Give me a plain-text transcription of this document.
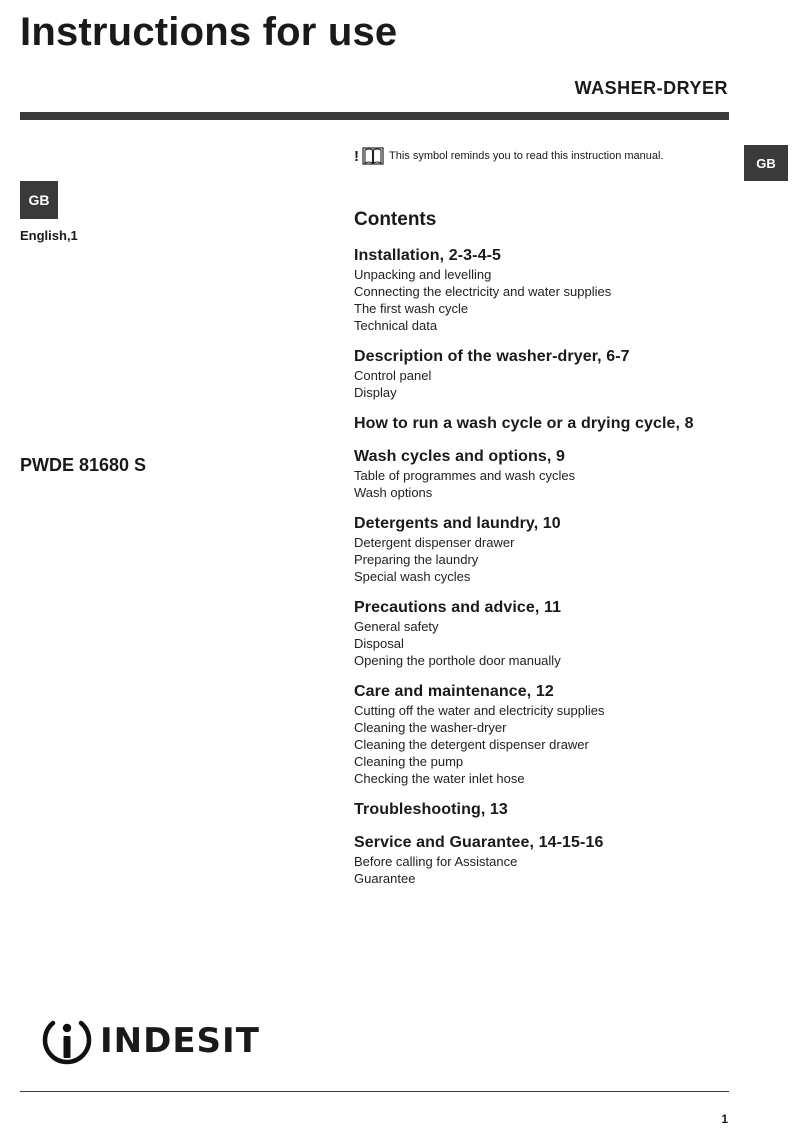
Instructions for use
WASHER-DRYER
GB
GB
English,1
PWDE 81680 S
!	This symbol reminds you to read this instruction manual.
Contents
Installation, 2-3-4-5
Unpacking and levelling
Connecting the electricity and water supplies
The first wash cycle
Technical data
Description of the washer-dryer, 6-7
Control panel
Display
How to run a wash cycle or a drying cycle, 8
Wash cycles and options, 9
Table of programmes and wash cycles
Wash options
Detergents and laundry, 10
Detergent dispenser drawer
Preparing the laundry
Special wash cycles
Precautions and advice, 11
General safety
Disposal
Opening the porthole door manually
Care and maintenance, 12
Cutting off the water and electricity supplies
Cleaning the washer-dryer
Cleaning the detergent dispenser drawer
Cleaning the pump
Checking the water inlet hose
Troubleshooting, 13
Service and Guarantee, 14-15-16
Before calling for Assistance
Guarantee
INDESIT
1
